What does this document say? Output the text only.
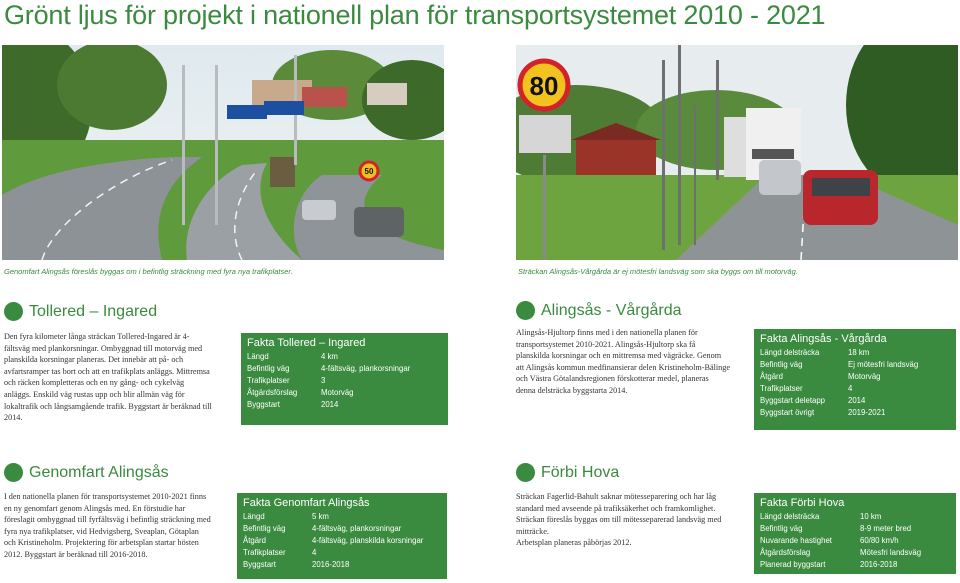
Grönt ljus för projekt i nationell plan för transportsystemet 2010 - 2021
50
Genomfart Alingsås föreslås byggas om i befintlig sträckning med fyra nya trafikplatser.
80
Sträckan Alingsås-Vårgårda är ej mötesfri landsväg som ska byggs om till motorväg.
Tollered – Ingared

Den fyra kilometer långa sträckan Tollered-Ingared är 4-fältsväg med plankorsningar. Ombyggnad till motorväg med planskilda korsningar planeras. Det innebär att på- och avfartsramper tas bort och att en trafikplats anläggs. Mittremsa och räcken kompletteras och en ny gång- och cykelväg anläggs. Enskild väg rustas upp och blir allmän väg för lokaltrafik och långsamgående trafik. Byggstart är beräknad till 2014.

Fakta Tollered – Ingared
Längd	4 km
Befintlig väg	4-fältsväg, plankorsningar
Trafikplatser	3
Åtgärdsförslag	Motorväg
Byggstart	2014
Alingsås - Vårgårda

Alingsås-Hjultorp finns med i den nationella planen för transportsystemet 2010-2021. Alingsås-Hjultorp ska få planskilda korsningar och en mittremsa med vägräcke. Genom att Alingsås kommun medfinansierar delen Kristineholm-Bälinge och Västra Götalandsregionen förskotterar medel, planeras denna delsträcka byggstarta 2014.

Fakta Alingsås - Vårgårda
Längd delsträcka	18 km
Befintlig väg	Ej mötesfri landsväg
Åtgärd	Motorväg
Trafikplatser	4
Byggstart deletapp	2014
Byggstart övrigt	2019-2021
Genomfart Alingsås

I den nationella planen för transportsystemet 2010-2021 finns en ny genomfart genom Alingsås med. En förstudie har föreslagit ombyggnad till fyrfältsväg i befintlig sträckning med fyra nya trafikplatser, vid Hedvigsberg, Sveaplan, Götaplan och Kristineholm. Projektering för arbetsplan startar hösten 2012. Byggstart är beräknad till 2016-2018.

Fakta Genomfart Alingsås
Längd	5 km
Befintlig väg	4-fältsväg, plankorsningar
Åtgärd	4-fältsväg, planskilda korsningar
Trafikplatser	4
Byggstart	2016-2018
Förbi Hova

Sträckan Fagerlid-Bahult saknar mötesseparering och har låg standard med avseende på trafiksäkerhet och framkomlighet.

Sträckan föreslås byggas om till mötesseparerad landsväg med mitträcke.

Arbetsplan planeras påbörjas 2012.

Fakta Förbi Hova
Längd delsträcka	10 km
Befintlig väg	8-9 meter bred
Nuvarande hastighet	60/80 km/h
Åtgärdsförslag	Mötesfri landsväg
Planerad byggstart	2016-2018
